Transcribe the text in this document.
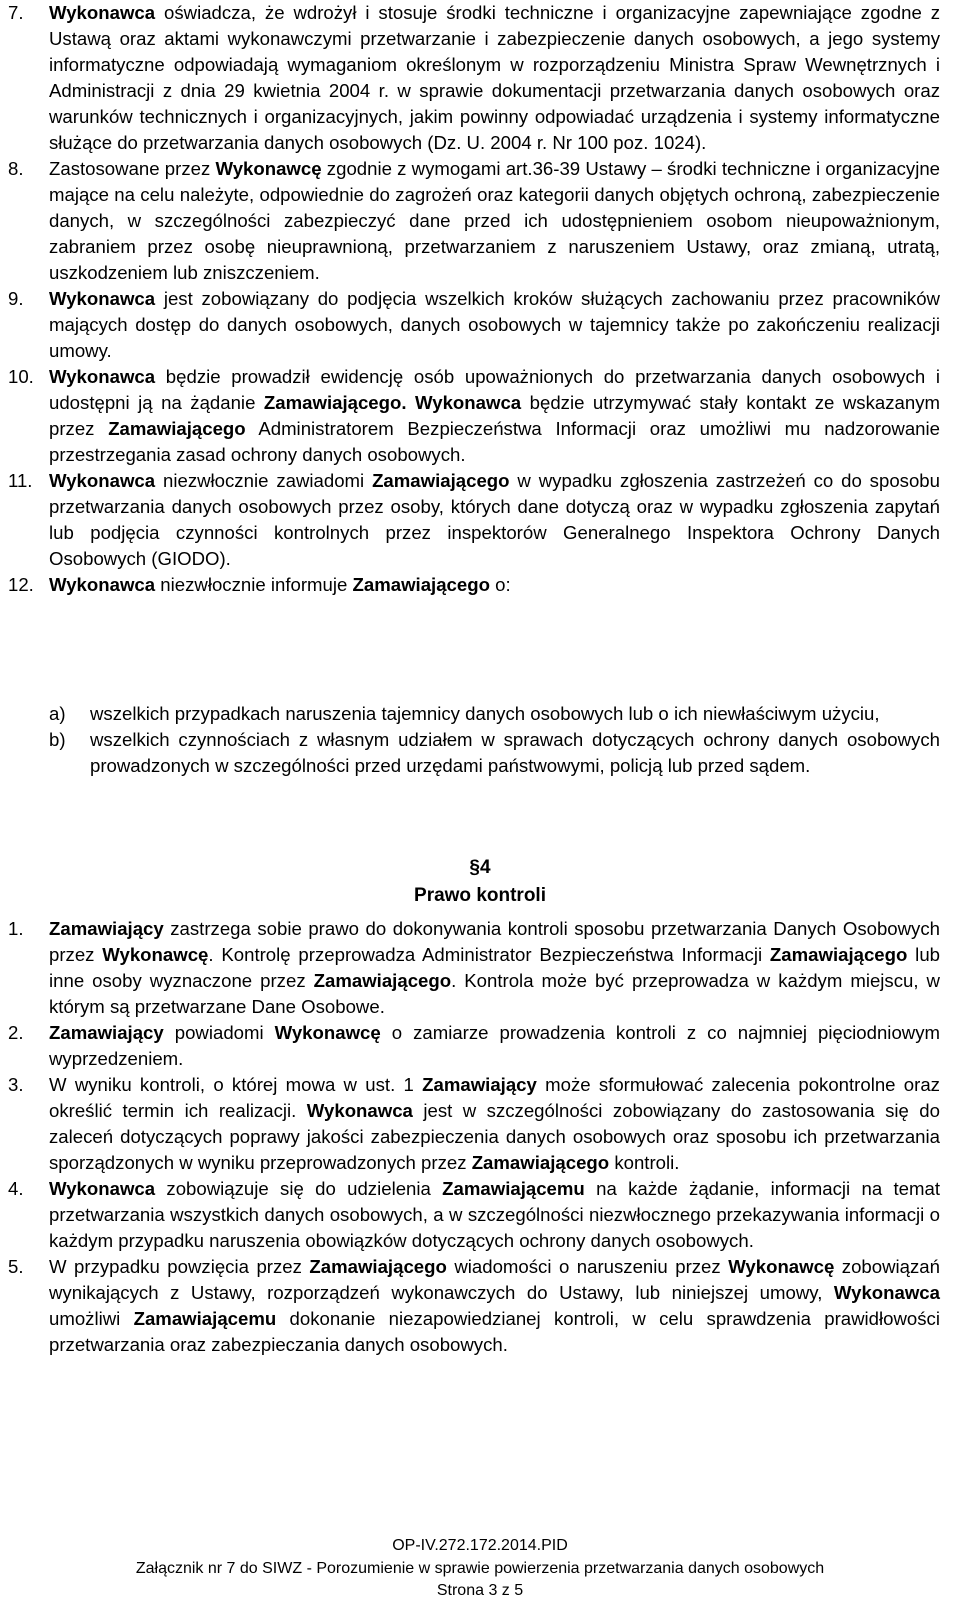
7. Wykonawca oświadcza, że wdrożył i stosuje środki techniczne i organizacyjne zapewniające zgodne z Ustawą oraz aktami wykonawczymi przetwarzanie i zabezpieczenie danych osobowych, a jego systemy informatyczne odpowiadają wymaganiom określonym w rozporządzeniu Ministra Spraw Wewnętrznych i Administracji z dnia 29 kwietnia 2004 r. w sprawie dokumentacji przetwarzania danych osobowych oraz warunków technicznych i organizacyjnych, jakim powinny odpowiadać urządzenia i systemy informatyczne służące do przetwarzania danych osobowych (Dz. U. 2004 r. Nr 100 poz. 1024).
8. Zastosowane przez Wykonawcę zgodnie z wymogami art.36-39 Ustawy – środki techniczne i organizacyjne mające na celu należyte, odpowiednie do zagrożeń oraz kategorii danych objętych ochroną, zabezpieczenie danych, w szczególności zabezpieczyć dane przed ich udostępnieniem osobom nieupoważnionym, zabraniem przez osobę nieuprawnioną, przetwarzaniem z naruszeniem Ustawy, oraz zmianą, utratą, uszkodzeniem lub zniszczeniem.
9. Wykonawca jest zobowiązany do podjęcia wszelkich kroków służących zachowaniu przez pracowników mających dostęp do danych osobowych, danych osobowych w tajemnicy także po zakończeniu realizacji umowy.
10. Wykonawca będzie prowadził ewidencję osób upoważnionych do przetwarzania danych osobowych i udostępni ją na żądanie Zamawiającego. Wykonawca będzie utrzymywać stały kontakt ze wskazanym przez Zamawiającego Administratorem Bezpieczeństwa Informacji oraz umożliwi mu nadzorowanie przestrzegania zasad ochrony danych osobowych.
11. Wykonawca niezwłocznie zawiadomi Zamawiającego w wypadku zgłoszenia zastrzeżeń co do sposobu przetwarzania danych osobowych przez osoby, których dane dotyczą oraz w wypadku zgłoszenia zapytań lub podjęcia czynności kontrolnych przez inspektorów Generalnego Inspektora Ochrony Danych Osobowych (GIODO).
12. Wykonawca niezwłocznie informuje Zamawiającego o:
a) wszelkich przypadkach naruszenia tajemnicy danych osobowych lub o ich niewłaściwym użyciu,
b) wszelkich czynnościach z własnym udziałem w sprawach dotyczących ochrony danych osobowych prowadzonych w szczególności przed urzędami państwowymi, policją lub przed sądem.
§4
Prawo kontroli
1. Zamawiający zastrzega sobie prawo do dokonywania kontroli sposobu przetwarzania Danych Osobowych przez Wykonawcę. Kontrolę przeprowadza Administrator Bezpieczeństwa Informacji Zamawiającego lub inne osoby wyznaczone przez Zamawiającego. Kontrola może być przeprowadza w każdym miejscu, w którym są przetwarzane Dane Osobowe.
2. Zamawiający powiadomi Wykonawcę o zamiarze prowadzenia kontroli z co najmniej pięciodniowym wyprzedzeniem.
3. W wyniku kontroli, o której mowa w ust. 1 Zamawiający może sformułować zalecenia pokontrolne oraz określić termin ich realizacji. Wykonawca jest w szczególności zobowiązany do zastosowania się do zaleceń dotyczących poprawy jakości zabezpieczenia danych osobowych oraz sposobu ich przetwarzania sporządzonych w wyniku przeprowadzonych przez Zamawiającego kontroli.
4. Wykonawca zobowiązuje się do udzielenia Zamawiającemu na każde żądanie, informacji na temat przetwarzania wszystkich danych osobowych, a w szczególności niezwłocznego przekazywania informacji o każdym przypadku naruszenia obowiązków dotyczących ochrony danych osobowych.
5. W przypadku powzięcia przez Zamawiającego wiadomości o naruszeniu przez Wykonawcę zobowiązań wynikających z Ustawy, rozporządzeń wykonawczych do Ustawy, lub niniejszej umowy, Wykonawca umożliwi Zamawiającemu dokonanie niezapowiedzianej kontroli, w celu sprawdzenia prawidłowości przetwarzania oraz zabezpieczania danych osobowych.
OP-IV.272.172.2014.PID
Załącznik nr 7 do SIWZ - Porozumienie w sprawie powierzenia przetwarzania danych osobowych
Strona 3 z 5
